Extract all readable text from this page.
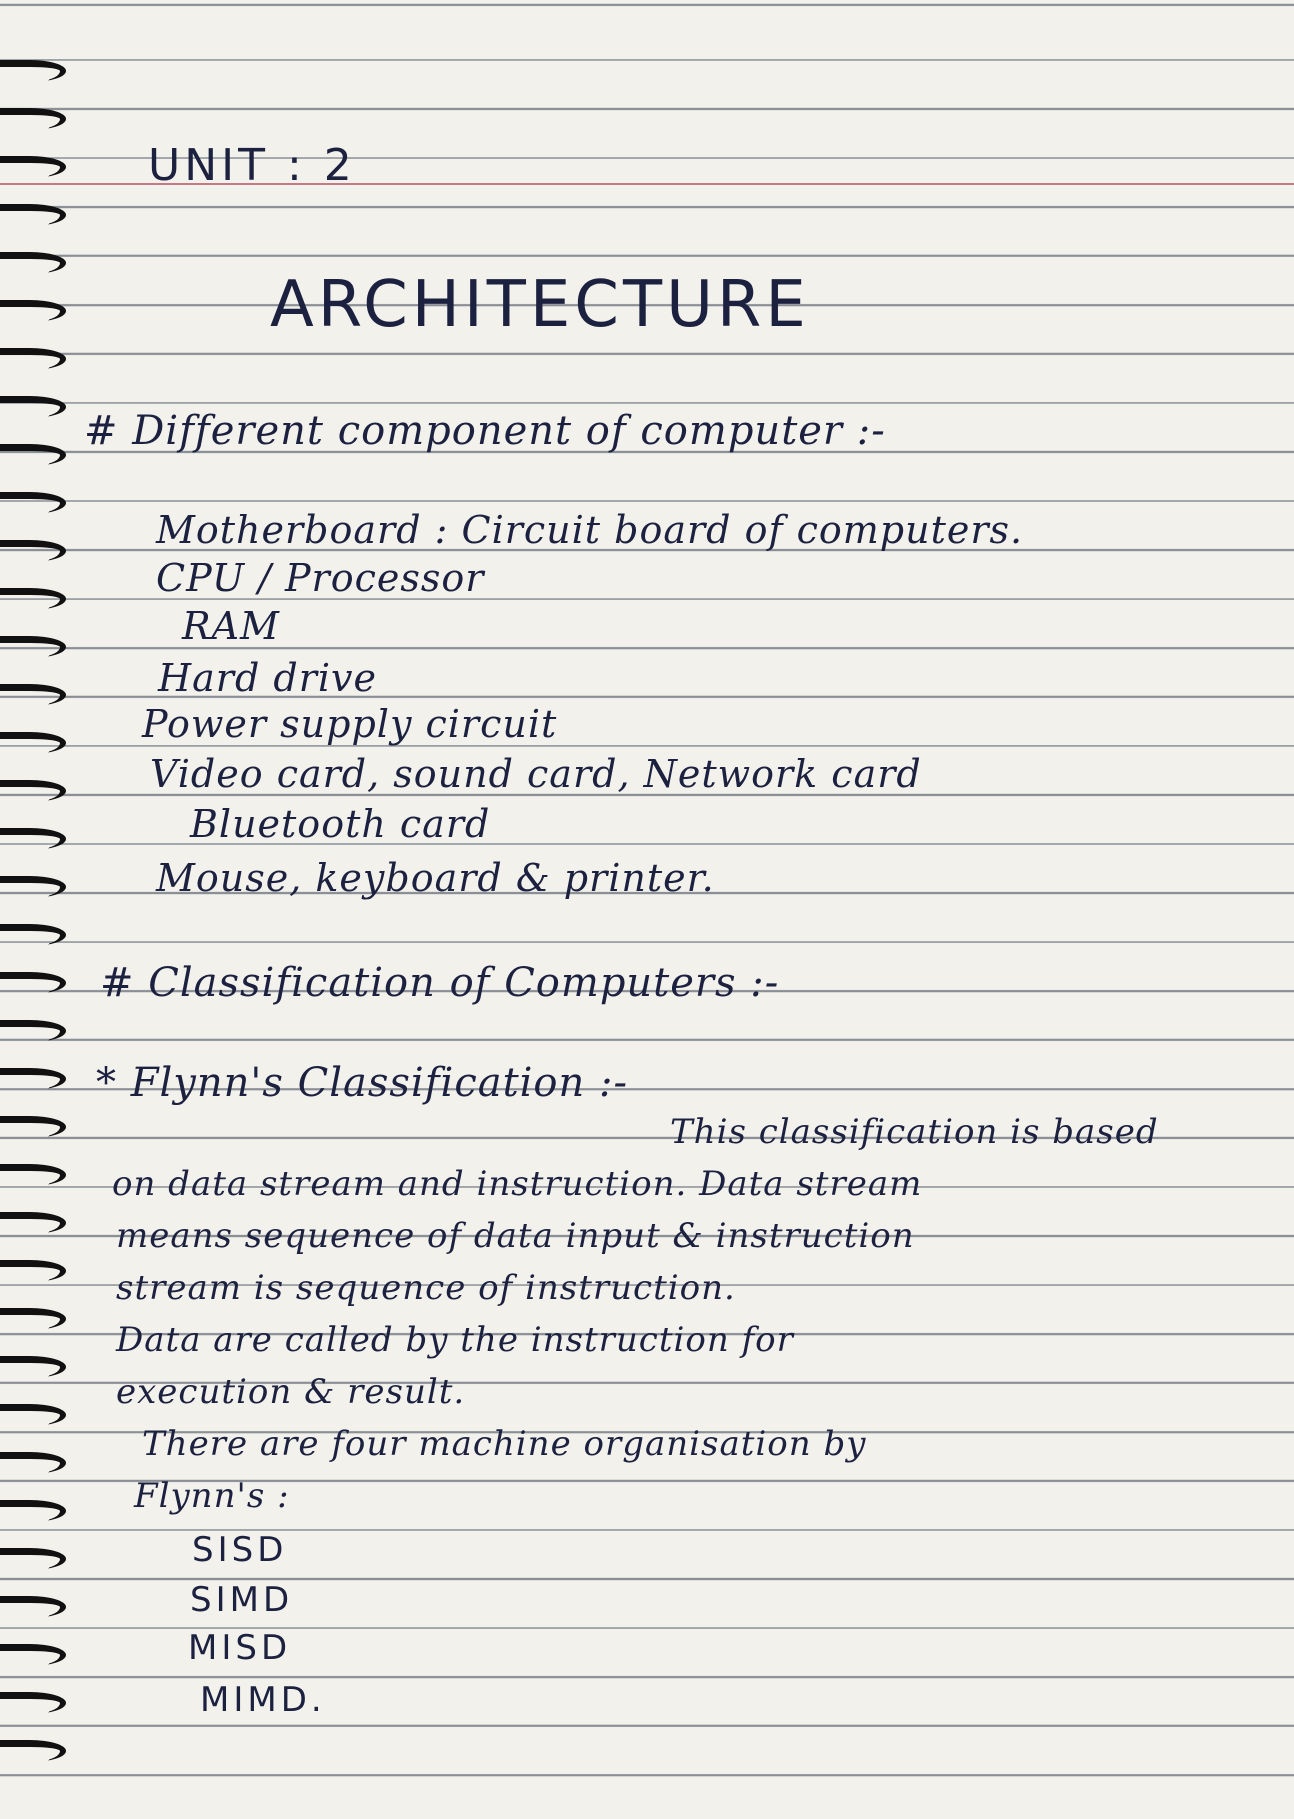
UNIT : 2
ARCHITECTURE
# Different component of computer :-
Motherboard : Circuit board of computers.
CPU / Processor
RAM
Hard drive
Power supply circuit
Video card, sound card, Network card
Bluetooth card
Mouse, keyboard & printer.
# Classification of Computers :-
* Flynn's Classification :-
This classification is based
on data stream and instruction. Data stream
means sequence of data input & instruction
stream is sequence of instruction.
Data are called by the instruction for
execution & result.
There are four machine organisation by
Flynn's :
SISD
SIMD
MISD
MIMD.
